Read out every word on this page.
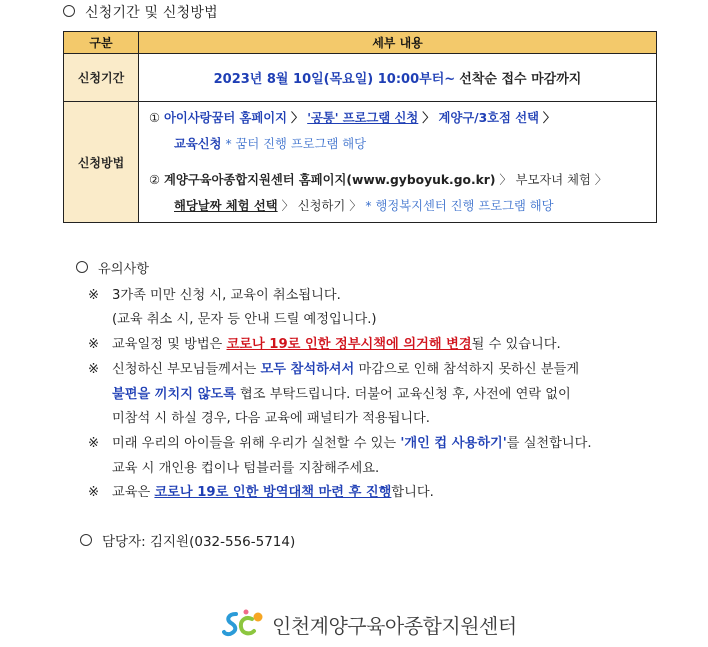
신청기간 및 신청방법
구분	세부 내용
신청기간	2023년 8월 10일(목요일) 10:00부터~ 선착순 접수 마감까지
신청방법	① 아이사랑꿈터 홈페이지 〉 '공통' 프로그램 신청 〉 계양구/3호점 선택 〉
교육신청 * 꿈터 진행 프로그램 해당
② 계양구육아종합지원센터 홈페이지(www.gyboyuk.go.kr) 〉 부모자녀 체험 〉
해당날짜 체험 선택 〉 신청하기 〉 * 행정복지센터 진행 프로그램 해당
유의사항
※ 3가족 미만 신청 시, 교육이 취소됩니다.
(교육 취소 시, 문자 등 안내 드릴 예정입니다.)
※ 교육일정 및 방법은 코로나 19로 인한 정부시책에 의거해 변경될 수 있습니다.
※ 신청하신 부모님들께서는 모두 참석하셔서 마감으로 인해 참석하지 못하신 분들게
불편을 끼치지 않도록 협조 부탁드립니다. 더불어 교육신청 후, 사전에 연락 없이
미참석 시 하실 경우, 다음 교육에 패널티가 적용됩니다.
※ 미래 우리의 아이들을 위해 우리가 실천할 수 있는 '개인 컵 사용하기'를 실천합니다.
교육 시 개인용 컵이나 텀블러를 지참해주세요.
※ 교육은 코로나 19로 인한 방역대책 마련 후 진행합니다.
담당자: 김지원(032-556-5714)
인천계양구육아종합지원센터
